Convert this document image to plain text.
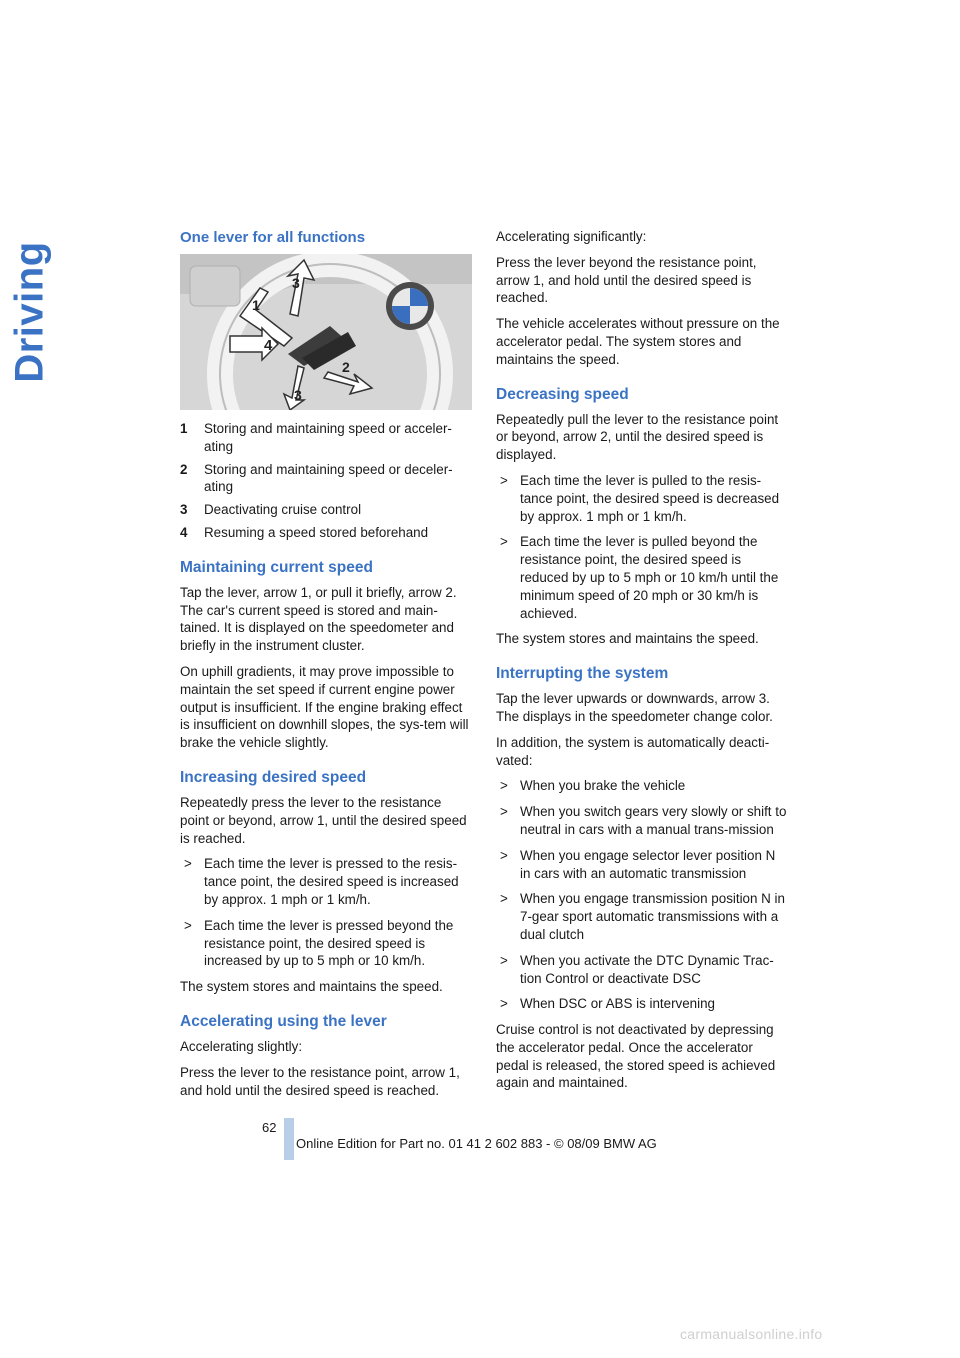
Driving
One lever for all functions
1
4
3
2
3
1	Storing and maintaining speed or acceler-ating
2	Storing and maintaining speed or deceler-ating
3	Deactivating cruise control
4	Resuming a speed stored beforehand
Maintaining current speed

Tap the lever, arrow 1, or pull it briefly, arrow 2. The car's current speed is stored and main-tained. It is displayed on the speedometer and briefly in the instrument cluster.

On uphill gradients, it may prove impossible to maintain the set speed if current engine power output is insufficient. If the engine braking effect is insufficient on downhill slopes, the sys-tem will brake the vehicle slightly.

Increasing desired speed

Repeatedly press the lever to the resistance point or beyond, arrow 1, until the desired speed is reached.

> Each time the lever is pressed to the resis-tance point, the desired speed is increased by approx. 1 mph or 1 km/h.
> Each time the lever is pressed beyond the resistance point, the desired speed is increased by up to 5 mph or 10 km/h.

The system stores and maintains the speed.

Accelerating using the lever

Accelerating slightly:

Press the lever to the resistance point, arrow 1, and hold until the desired speed is reached.

Accelerating significantly:

Press the lever beyond the resistance point, arrow 1, and hold until the desired speed is reached.

The vehicle accelerates without pressure on the accelerator pedal. The system stores and maintains the speed.

Decreasing speed

Repeatedly pull the lever to the resistance point or beyond, arrow 2, until the desired speed is displayed.

> Each time the lever is pulled to the resis-tance point, the desired speed is decreased by approx. 1 mph or 1 km/h.
> Each time the lever is pulled beyond the resistance point, the desired speed is reduced by up to 5 mph or 10 km/h until the minimum speed of 20 mph or 30 km/h is achieved.

The system stores and maintains the speed.

Interrupting the system

Tap the lever upwards or downwards, arrow 3. The displays in the speedometer change color.

In addition, the system is automatically deacti-vated:

> When you brake the vehicle
> When you switch gears very slowly or shift to neutral in cars with a manual trans-mission
> When you engage selector lever position N in cars with an automatic transmission
> When you engage transmission position N in 7-gear sport automatic transmissions with a dual clutch
> When you activate the DTC Dynamic Trac-tion Control or deactivate DSC
> When DSC or ABS is intervening

Cruise control is not deactivated by depressing the accelerator pedal. Once the accelerator pedal is released, the stored speed is achieved again and maintained.

62
Online Edition for Part no. 01 41 2 602 883 - © 08/09 BMW AG
carmanualsonline.info
